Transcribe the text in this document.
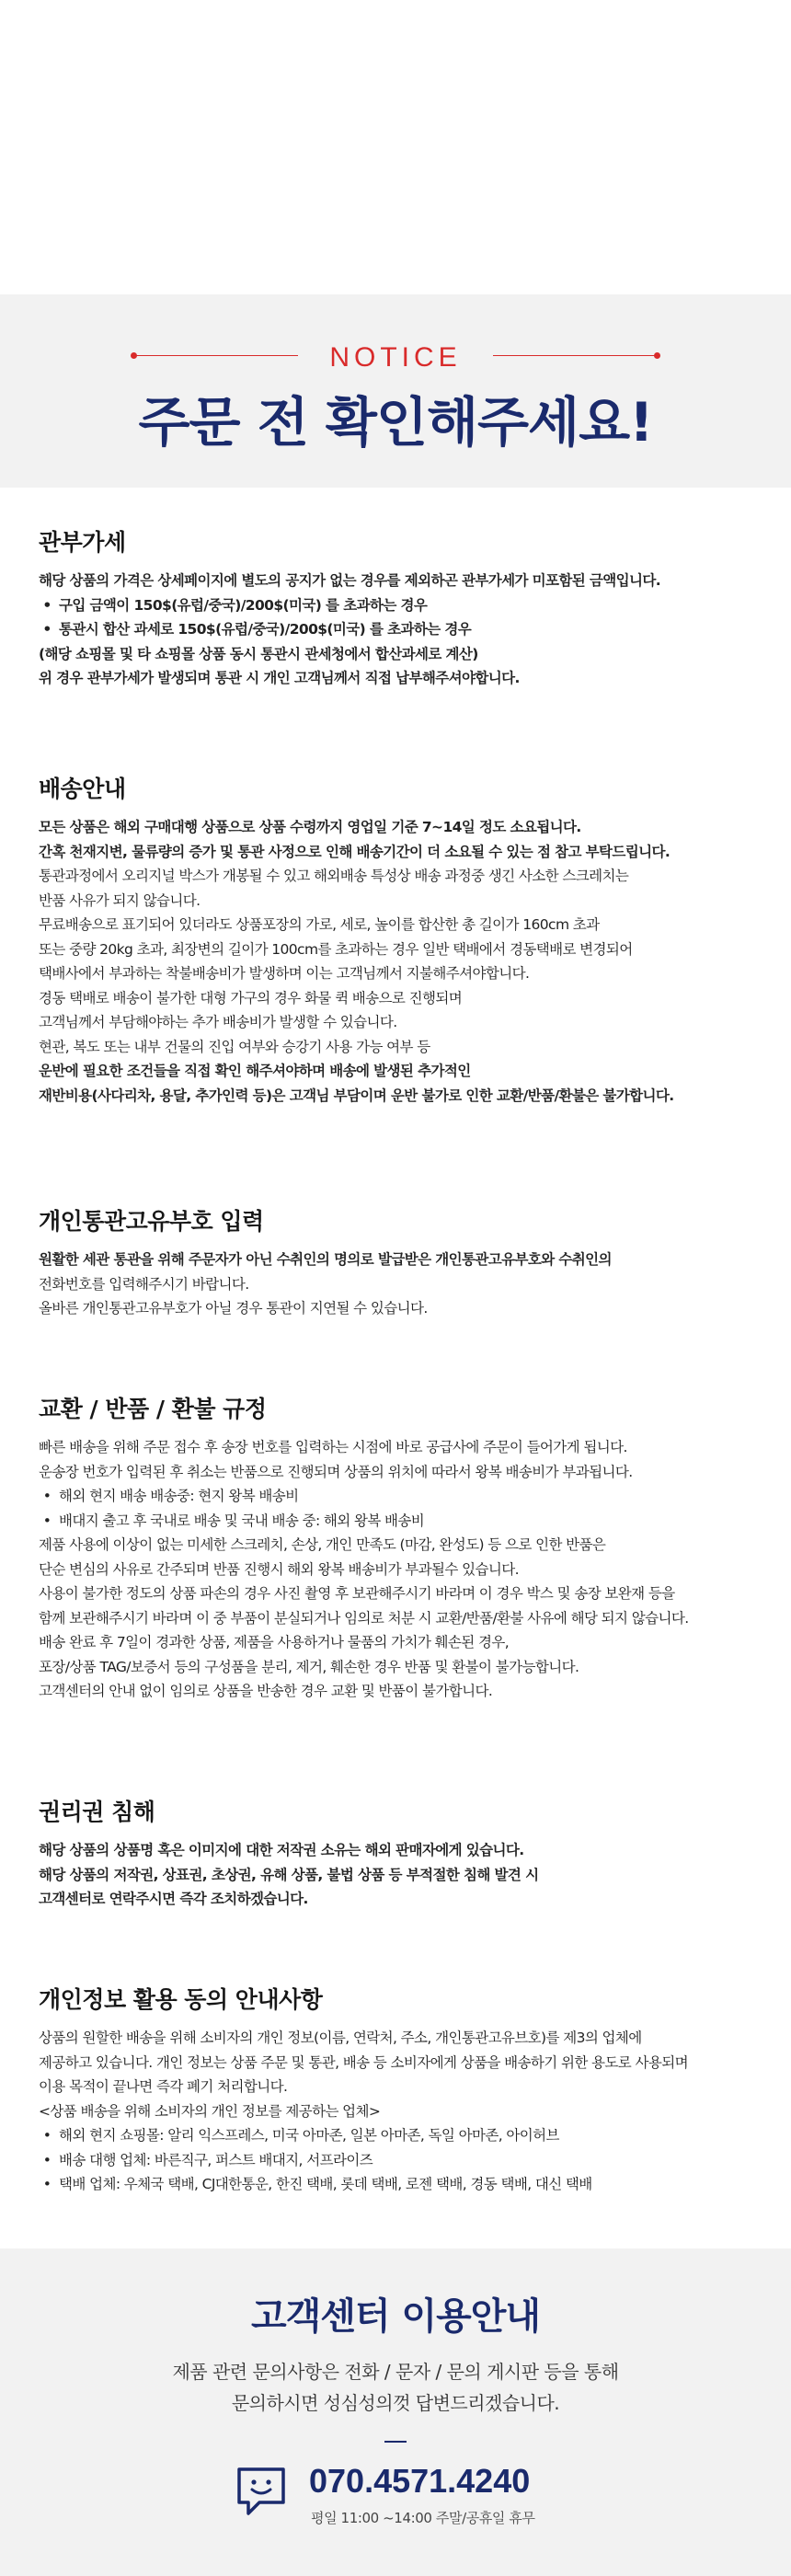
NOTICE
주문 전 확인해주세요!
관부가세
해당 상품의 가격은 상세페이지에 별도의 공지가 없는 경우를 제외하곤 관부가세가 미포함된 금액입니다.
• 구입 금액이 150$(유럽/중국)/200$(미국) 를 초과하는 경우
• 통관시 합산 과세로 150$(유럽/중국)/200$(미국) 를 초과하는 경우
(해당 쇼핑몰 및 타 쇼핑몰 상품 동시 통관시 관세청에서 합산과세로 계산)
위 경우 관부가세가 발생되며 통관 시 개인 고객님께서 직접 납부해주셔야합니다.
배송안내
모든 상품은 해외 구매대행 상품으로 상품 수령까지 영업일 기준 7~14일 정도 소요됩니다.
간혹 천재지변, 물류량의 증가 및 통관 사정으로 인해 배송기간이 더 소요될 수 있는 점 참고 부탁드립니다.
통관과정에서 오리지널 박스가 개봉될 수 있고 해외배송 특성상 배송 과정중 생긴 사소한 스크레치는
반품 사유가 되지 않습니다.
무료배송으로 표기되어 있더라도 상품포장의 가로, 세로, 높이를 합산한 총 길이가 160cm 초과
또는 중량 20kg 초과, 최장변의 길이가 100cm를 초과하는 경우 일반 택배에서 경동택배로 변경되어
택배사에서 부과하는 착불배송비가 발생하며 이는 고객님께서 지불해주셔야합니다.
경동 택배로 배송이 불가한 대형 가구의 경우 화물 퀵 배송으로 진행되며
고객님께서 부담해야하는 추가 배송비가 발생할 수 있습니다.
현관, 복도 또는 내부 건물의 진입 여부와 승강기 사용 가능 여부 등
운반에 필요한 조건들을 직접 확인 해주셔야하며 배송에 발생된 추가적인
재반비용(사다리차, 용달, 추가인력 등)은 고객님 부담이며 운반 불가로 인한 교환/반품/환불은 불가합니다.
개인통관고유부호 입력
원활한 세관 통관을 위해 주문자가 아닌 수취인의 명의로 발급받은 개인통관고유부호와 수취인의
전화번호를 입력해주시기 바랍니다.
올바른 개인통관고유부호가 아닐 경우 통관이 지연될 수 있습니다.
교환 / 반품 / 환불 규정
빠른 배송을 위해 주문 접수 후 송장 번호를 입력하는 시점에 바로 공급사에 주문이 들어가게 됩니다.
운송장 번호가 입력된 후 취소는 반품으로 진행되며 상품의 위치에 따라서 왕복 배송비가 부과됩니다.
• 해외 현지 배송 배송중: 현지 왕복 배송비
• 배대지 출고 후 국내로 배송 및 국내 배송 중: 해외 왕복 배송비
제품 사용에 이상이 없는 미세한 스크레치, 손상, 개인 만족도 (마감, 완성도) 등 으로 인한 반품은
단순 변심의 사유로 간주되며 반품 진행시 해외 왕복 배송비가 부과될수 있습니다.
사용이 불가한 정도의 상품 파손의 경우 사진 촬영 후 보관해주시기 바라며 이 경우 박스 및 송장 보완재 등을
함께 보관해주시기 바라며 이 중 부품이 분실되거나 임의로 처분 시 교환/반품/환불 사유에 해당 되지 않습니다.
배송 완료 후 7일이 경과한 상품, 제품을 사용하거나 물품의 가치가 훼손된 경우,
포장/상품 TAG/보증서 등의 구성품을 분리, 제거, 훼손한 경우 반품 및 환불이 불가능합니다.
고객센터의 안내 없이 임의로 상품을 반송한 경우 교환 및 반품이 불가합니다.
권리권 침해
해당 상품의 상품명 혹은 이미지에 대한 저작권 소유는 해외 판매자에게 있습니다.
해당 상품의 저작권, 상표권, 초상권, 유해 상품, 불법 상품 등 부적절한 침해 발견 시
고객센터로 연락주시면 즉각 조치하겠습니다.
개인정보 활용 동의 안내사항
상품의 원할한 배송을 위해 소비자의 개인 정보(이름, 연락처, 주소, 개인통관고유브호)를 제3의 업체에
제공하고 있습니다. 개인 정보는 상품 주문 및 통관, 배송 등 소비자에게 상품을 배송하기 위한 용도로 사용되며
이용 목적이 끝나면 즉각 폐기 처리합니다.
<상품 배송을 위해 소비자의 개인 정보를 제공하는 업체>
• 해외 현지 쇼핑몰: 알리 익스프레스, 미국 아마존, 일본 아마존, 독일 아마존, 아이허브
• 배송 대행 업체: 바른직구, 퍼스트 배대지, 서프라이즈
• 택배 업체: 우체국 택배, CJ대한통운, 한진 택배, 롯데 택배, 로젠 택배, 경동 택배, 대신 택배
고객센터 이용안내
제품 관련 문의사항은 전화 / 문자 / 문의 게시판 등을 통해
문의하시면 성심성의껏 답변드리겠습니다.
070.4571.4240
평일 11:00 ~14:00 주말/공휴일 휴무
